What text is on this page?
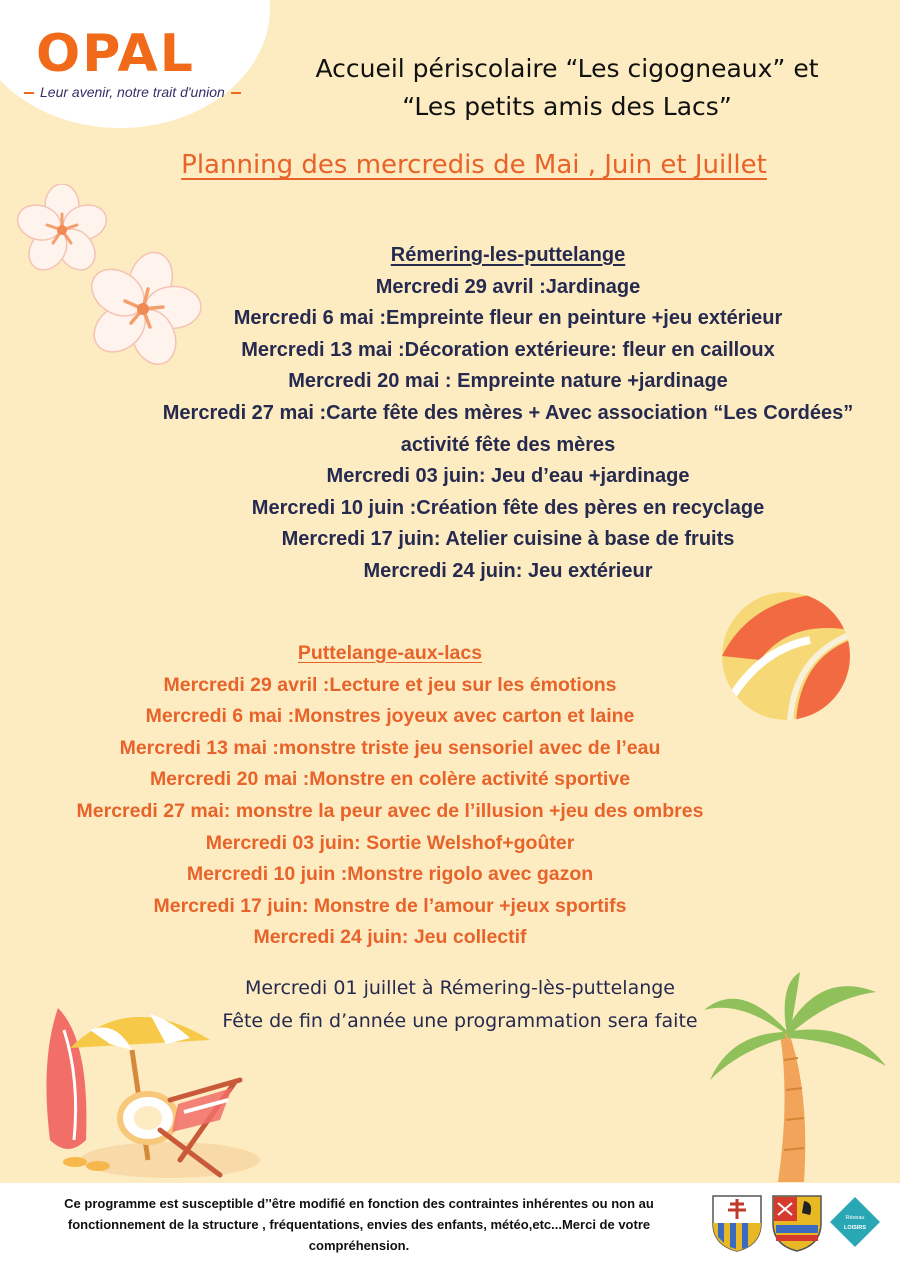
OPAL
Leur avenir, notre trait d'union
Accueil périscolaire “Les cigogneaux” et
“Les petits amis des Lacs”
Planning des mercredis de Mai , Juin et Juillet
Rémering-les-puttelange
Mercredi 29 avril :Jardinage
Mercredi 6 mai :Empreinte fleur en peinture +jeu extérieur
Mercredi 13 mai :Décoration extérieure: fleur en cailloux
Mercredi 20 mai : Empreinte nature +jardinage
Mercredi 27 mai :Carte fête des mères + Avec association “Les Cordées”
activité fête des mères
Mercredi 03 juin: Jeu d’eau +jardinage
Mercredi 10 juin :Création fête des pères en recyclage
Mercredi 17 juin: Atelier cuisine à base de fruits
Mercredi 24 juin: Jeu extérieur
Puttelange-aux-lacs
Mercredi 29 avril :Lecture et jeu sur les émotions
Mercredi 6 mai :Monstres joyeux avec carton et laine
Mercredi 13 mai :monstre triste jeu sensoriel avec de l’eau
Mercredi 20 mai :Monstre en colère activité sportive
Mercredi 27 mai: monstre la peur avec de l’illusion +jeu des ombres
Mercredi 03 juin: Sortie Welshof+goûter
Mercredi 10 juin :Monstre rigolo avec gazon
Mercredi 17 juin: Monstre de l’amour +jeux sportifs
Mercredi 24 juin: Jeu collectif
Mercredi 01 juillet à Rémering-lès-puttelange
Fête de fin d’année une programmation sera faite
Ce programme est susceptible d’'être modifié en fonction des contraintes inhérentes ou non au
fonctionnement de la structure , fréquentations, envies des enfants, météo,etc...Merci de votre
compréhension.
Réseau
LOISIRS
